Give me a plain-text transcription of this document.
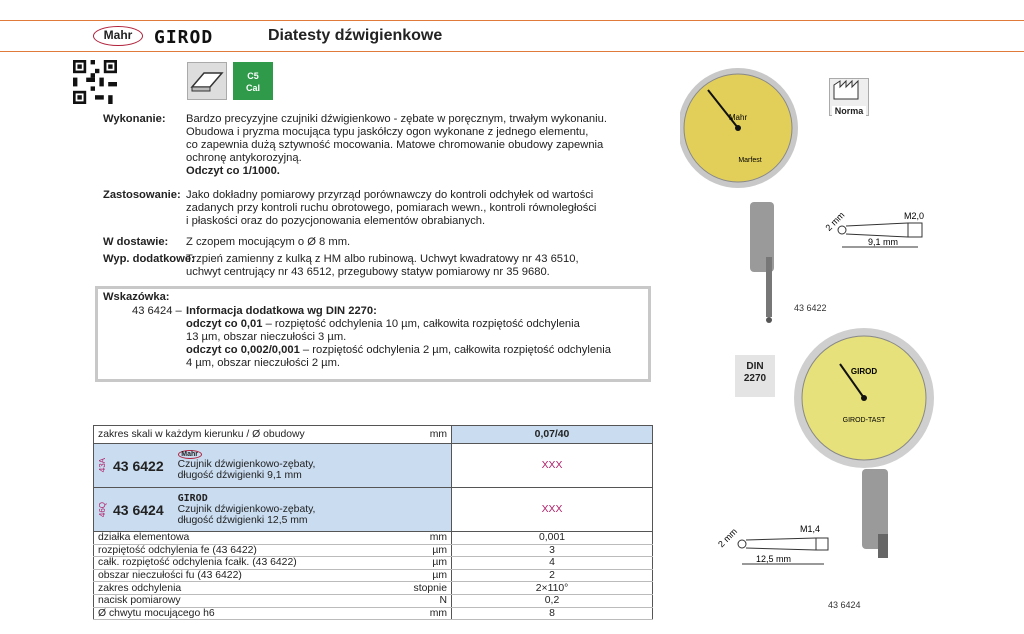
Mahr	GIROD	Diatesty dźwigienkowe
C5
Cal
Wykonanie: Bardzo precyzyjne czujniki dźwigienkowo - zębate w poręcznym, trwałym wykonaniu.
Obudowa i pryzma mocująca typu jaskółczy ogon wykonane z jednego elementu,
co zapewnia dużą sztywność mocowania. Matowe chromowanie obudowy zapewnia
ochronę antykorozyjną.
Odczyt co 1/1000.
Zastosowanie: Jako dokładny pomiarowy przyrząd porównawczy do kontroli odchyłek od wartości
zadanych przy kontroli ruchu obrotowego, pomiarach wewn., kontroli równoległości
i płaskości oraz do pozycjonowania elementów obrabianych.
W dostawie: Z czopem mocującym o Ø 8 mm.
Wyp. dodatkowe:
Trzpień zamienny z kulką z HM albo rubinową. Uchwyt kwadratowy nr 43 6510,
uchwyt centrujący nr 43 6512, przegubowy statyw pomiarowy nr 35 9680.
Wskazówka:
43 6424 – Informacja dodatkowa wg DIN 2270:
odczyt co 0,01 – rozpiętość odchylenia 10 µm, całkowita rozpiętość odchylenia
13 µm, obszar nieczułości 3 µm.
odczyt co 0,002/0,001 – rozpiętość odchylenia 2 µm, całkowita rozpiętość odchylenia
4 µm, obszar nieczułości 2 µm.
zakres skali w każdym kierunku / Ø obudowy	mm	0,07/40

43A 43 6422
Mahr
Czujnik dźwigienkowo-zębaty,
długość dźwigienki 9,1 mm		XXX

46Q 43 6424
GIROD
Czujnik dźwigienkowo-zębaty,
długość dźwigienki 12,5 mm		XXX
działka elementowa	mm	0,001
rozpiętość odchylenia fe (43 6422)	µm	3
całk. rozpiętość odchylenia fcałk. (43 6422)	µm	4
obszar nieczułości fu (43 6422)	µm	2
zakres odchylenia	stopnie	2×110°
nacisk pomiarowy	N	0,2
Ø chwytu mocującego h6	mm	8
Mahr
Marfest
Norma
9,1 mm
M2,0
2 mm
43 6422
DIN 2270
GIROD
GIROD-TAST
12,5 mm
M1,4
2 mm
43 6424
